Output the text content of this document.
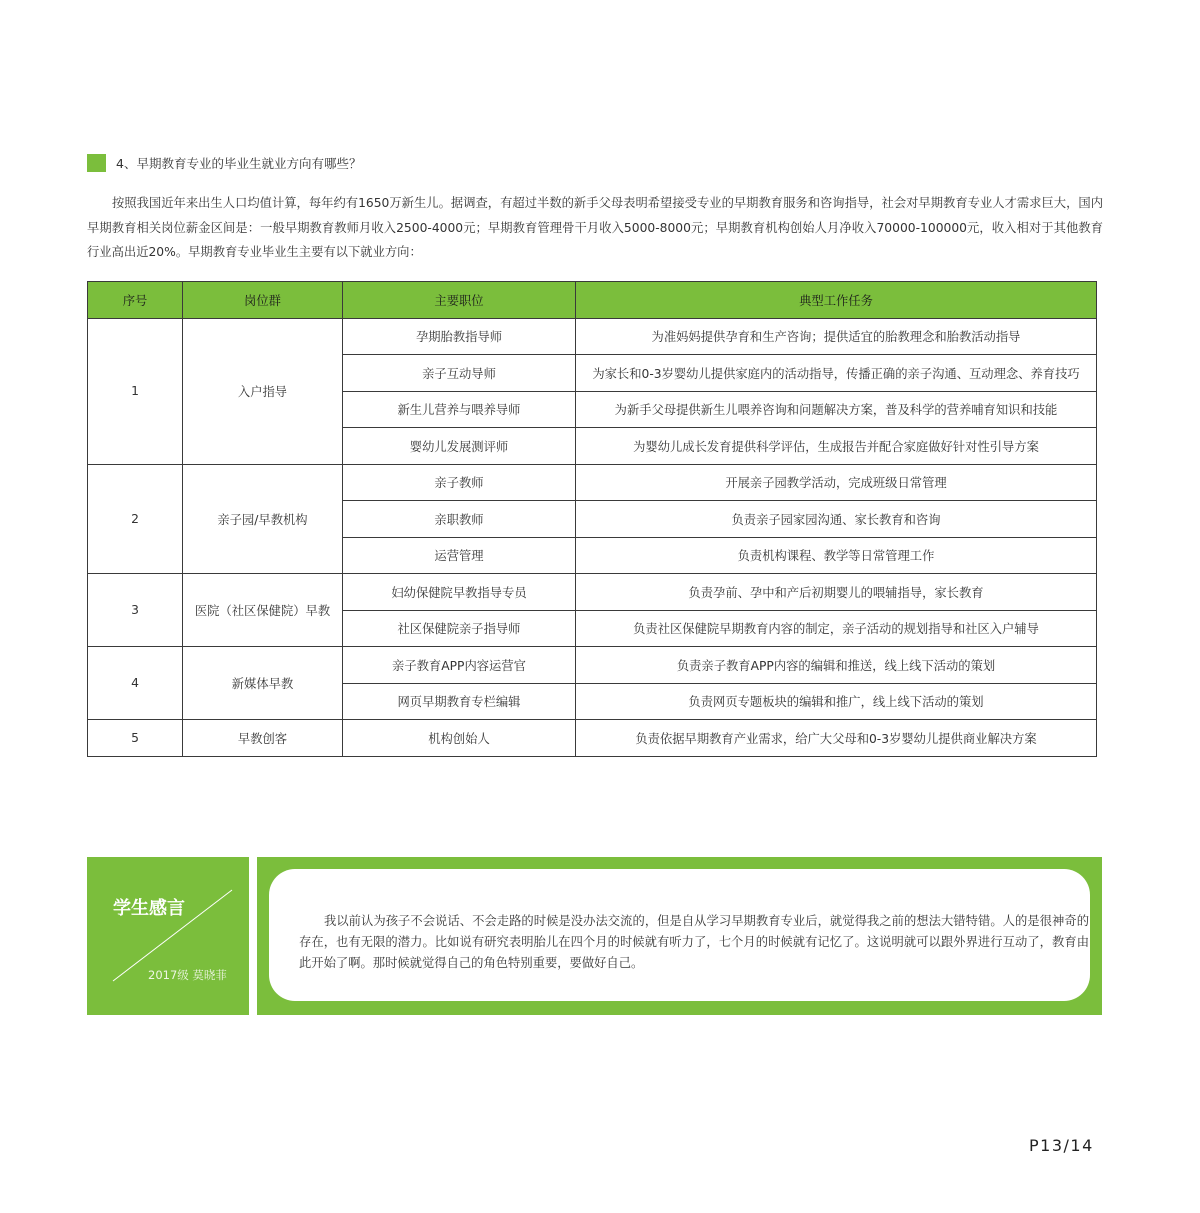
4、早期教育专业的毕业生就业方向有哪些？

按照我国近年来出生人口均值计算，每年约有1650万新生儿。据调查，有超过半数的新手父母表明希望接受专业的早期教育服务和咨询指导，社会对早期教育专业人才需求巨大，国内早期教育相关岗位薪金区间是：一般早期教育教师月收入2500-4000元；早期教育管理骨干月收入5000-8000元；早期教育机构创始人月净收入70000-100000元，收入相对于其他教育行业高出近20%。早期教育专业毕业生主要有以下就业方向：

序号	岗位群	主要职位	典型工作任务
1	入户指导	孕期胎教指导师	为准妈妈提供孕育和生产咨询；提供适宜的胎教理念和胎教活动指导
		亲子互动导师	为家长和0-3岁婴幼儿提供家庭内的活动指导，传播正确的亲子沟通、互动理念、养育技巧
		新生儿营养与喂养导师	为新手父母提供新生儿喂养咨询和问题解决方案，普及科学的营养哺育知识和技能
		婴幼儿发展测评师	为婴幼儿成长发育提供科学评估，生成报告并配合家庭做好针对性引导方案
2	亲子园/早教机构	亲子教师	开展亲子园教学活动，完成班级日常管理
		亲职教师	负责亲子园家园沟通、家长教育和咨询
		运营管理	负责机构课程、教学等日常管理工作
3	医院（社区保健院）早教	妇幼保健院早教指导专员	负责孕前、孕中和产后初期婴儿的喂辅指导，家长教育
		社区保健院亲子指导师	负责社区保健院早期教育内容的制定，亲子活动的规划指导和社区入户辅导
4	新媒体早教	亲子教育APP内容运营官	负责亲子教育APP内容的编辑和推送，线上线下活动的策划
		网页早期教育专栏编辑	负责网页专题板块的编辑和推广，线上线下活动的策划
5	早教创客	机构创始人	负责依据早期教育产业需求，给广大父母和0-3岁婴幼儿提供商业解决方案
学生感言
2017级 莫晓菲

我以前认为孩子不会说话、不会走路的时候是没办法交流的，但是自从学习早期教育专业后，就觉得我之前的想法大错特错。人的是很神奇的存在，也有无限的潜力。比如说有研究表明胎儿在四个月的时候就有听力了，七个月的时候就有记忆了。这说明就可以跟外界进行互动了，教育由此开始了啊。那时候就觉得自己的角色特别重要，要做好自己。

P13/14
